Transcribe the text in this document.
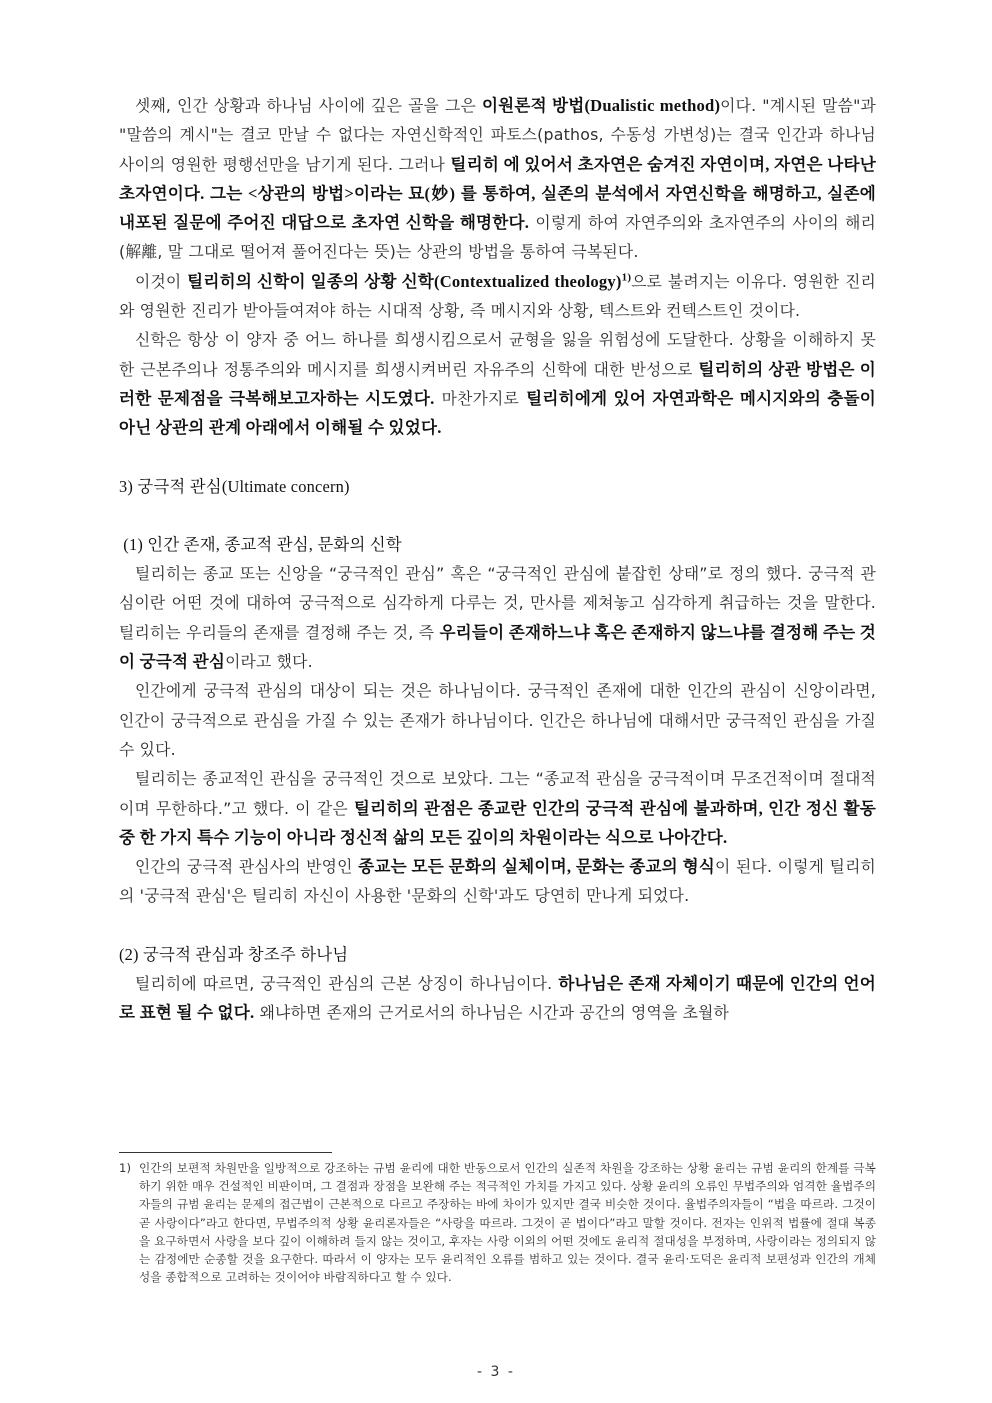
셋째, 인간 상황과 하나님 사이에 깊은 골을 그은 이원론적 방법(Dualistic method)이다. "계시된 말씀"과 "말씀의 계시"는 결코 만날 수 없다는 자연신학적인 파토스(pathos, 수동성 가변성)는 결국 인간과 하나님 사이의 영원한 평행선만을 남기게 된다. 그러나 틸리히 에 있어서 초자연은 숨겨진 자연이며, 자연은 나타난 초자연이다. 그는 <상관의 방법>이라는 묘(妙) 를 통하여, 실존의 분석에서 자연신학을 해명하고, 실존에 내포된 질문에 주어진 대답으로 초자연 신학을 해명한다. 이렇게 하여 자연주의와 초자연주의 사이의 해리(解離, 말 그대로 떨어져 풀어진다는 뜻)는 상관의 방법을 통하여 극복된다.

이것이 틸리히의 신학이 일종의 상황 신학(Contextualized theology)$^{1)}$으로 불려지는 이유다. 영원한 진리와 영원한 진리가 받아들여져야 하는 시대적 상황, 즉 메시지와 상황, 텍스트와 컨텍스트인 것이다.

신학은 항상 이 양자 중 어느 하나를 희생시킴으로서 균형을 잃을 위험성에 도달한다. 상황을 이해하지 못한 근본주의나 정통주의와 메시지를 희생시켜버린 자유주의 신학에 대한 반성으로 틸리히의 상관 방법은 이러한 문제점을 극복해보고자하는 시도였다. 마찬가지로 틸리히에게 있어 자연과학은 메시지와의 충돌이 아닌 상관의 관계 아래에서 이해될 수 있었다.

3) 궁극적 관심(Ultimate concern)

(1) 인간 존재, 종교적 관심, 문화의 신학

틸리히는 종교 또는 신앙을 “궁극적인 관심” 혹은 “궁극적인 관심에 붙잡힌 상태”로 정의 했다. 궁극적 관심이란 어떤 것에 대하여 궁극적으로 심각하게 다루는 것, 만사를 제쳐놓고 심각하게 취급하는 것을 말한다. 틸리히는 우리들의 존재를 결정해 주는 것, 즉 우리들이 존재하느냐 혹은 존재하지 않느냐를 결정해 주는 것이 궁극적 관심이라고 했다.

인간에게 궁극적 관심의 대상이 되는 것은 하나님이다. 궁극적인 존재에 대한 인간의 관심이 신앙이라면, 인간이 궁극적으로 관심을 가질 수 있는 존재가 하나님이다. 인간은 하나님에 대해서만 궁극적인 관심을 가질 수 있다.

틸리히는 종교적인 관심을 궁극적인 것으로 보았다. 그는 “종교적 관심을 궁극적이며 무조건적이며 절대적이며 무한하다.”고 했다. 이 같은 틸리히의 관점은 종교란 인간의 궁극적 관심에 불과하며, 인간 정신 활동 중 한 가지 특수 기능이 아니라 정신적 삶의 모든 깊이의 차원이라는 식으로 나아간다.

인간의 궁극적 관심사의 반영인 종교는 모든 문화의 실체이며, 문화는 종교의 형식이 된다. 이렇게 틸리히의 '궁극적 관심'은 틸리히 자신이 사용한 '문화의 신학'과도 당연히 만나게 되었다.

(2) 궁극적 관심과 창조주 하나님

틸리히에 따르면, 궁극적인 관심의 근본 상징이 하나님이다. 하나님은 존재 자체이기 때문에 인간의 언어로 표현 될 수 없다. 왜냐하면 존재의 근거로서의 하나님은 시간과 공간의 영역을 초월하

1) 인간의 보편적 차원만을 일방적으로 강조하는 규범 윤리에 대한 반동으로서 인간의 실존적 차원을 강조하는 상황 윤리는 규범 윤리의 한계를 극복하기 위한 매우 건설적인 비판이며, 그 결점과 장점을 보완해 주는 적극적인 가치를 가지고 있다. 상황 윤리의 오류인 무법주의와 엄격한 율법주의자들의 규범 윤리는 문제의 접근법이 근본적으로 다르고 주장하는 바에 차이가 있지만 결국 비슷한 것이다. 율법주의자들이 “법을 따르라. 그것이 곧 사랑이다”라고 한다면, 무법주의적 상황 윤리론자들은 “사랑을 따르라. 그것이 곧 법이다”라고 말할 것이다. 전자는 인위적 법률에 절대 복종을 요구하면서 사랑을 보다 깊이 이해하려 들지 않는 것이고, 후자는 사랑 이외의 어떤 것에도 윤리적 절대성을 부정하며, 사랑이라는 정의되지 않는 감정에만 순종할 것을 요구한다. 따라서 이 양자는 모두 윤리적인 오류를 범하고 있는 것이다. 결국 윤리·도덕은 윤리적 보편성과 인간의 개체성을 종합적으로 고려하는 것이어야 바람직하다고 할 수 있다.
- 3 -
